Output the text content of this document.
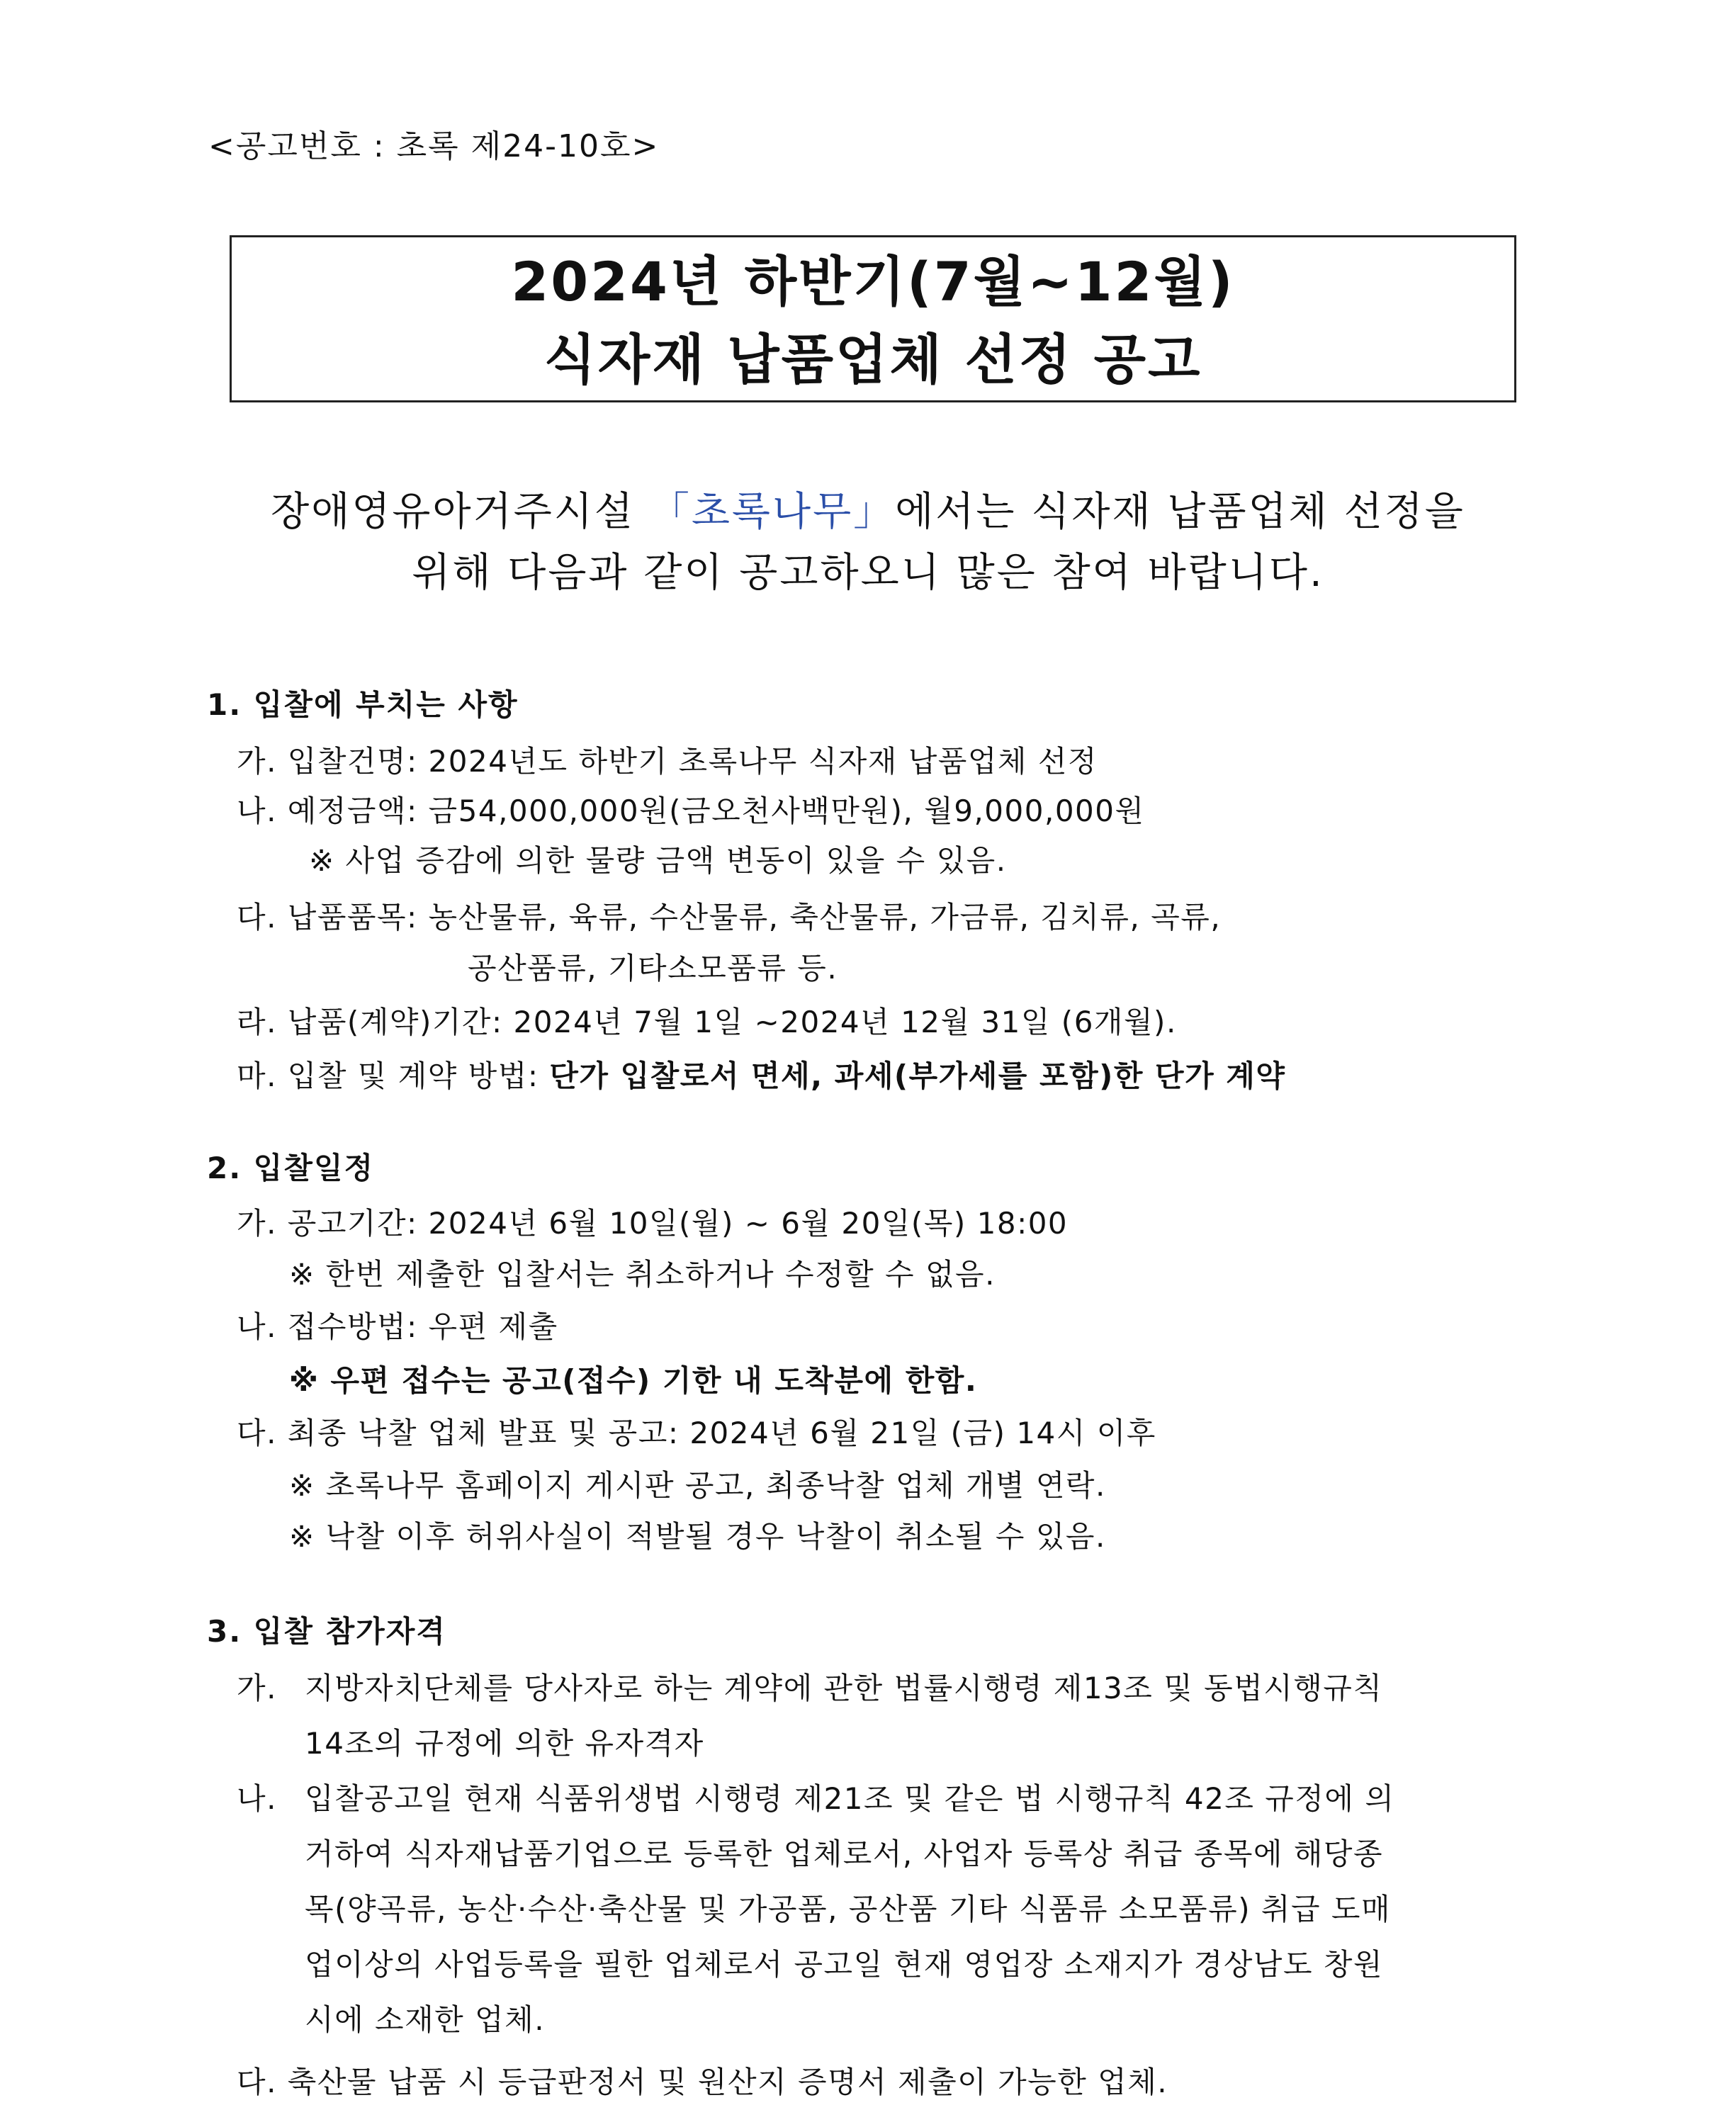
<공고번호 : 초록 제24-10호>
2024년 하반기(7월~12월)
식자재 납품업체 선정 공고
장애영유아거주시설 「초록나무」에서는 식자재 납품업체 선정을
위해 다음과 같이 공고하오니 많은 참여 바랍니다.
1. 입찰에 부치는 사항
가. 입찰건명: 2024년도 하반기 초록나무 식자재 납품업체 선정
나. 예정금액: 금54,000,000원(금오천사백만원), 월9,000,000원
※ 사업 증감에 의한 물량 금액 변동이 있을 수 있음.
다. 납품품목: 농산물류, 육류, 수산물류, 축산물류, 가금류, 김치류, 곡류,
공산품류, 기타소모품류 등.
라. 납품(계약)기간: 2024년 7월 1일 ~2024년 12월 31일 (6개월).
마. 입찰 및 계약 방법: 단가 입찰로서 면세, 과세(부가세를 포함)한 단가 계약
2. 입찰일정
가. 공고기간: 2024년 6월 10일(월) ~ 6월 20일(목) 18:00
※ 한번 제출한 입찰서는 취소하거나 수정할 수 없음.
나. 접수방법: 우편 제출
※ 우편 접수는 공고(접수) 기한 내 도착분에 한함.
다. 최종 낙찰 업체 발표 및 공고: 2024년 6월 21일 (금) 14시 이후
※ 초록나무 홈페이지 게시판 공고, 최종낙찰 업체 개별 연락.
※ 낙찰 이후 허위사실이 적발될 경우 낙찰이 취소될 수 있음.
3. 입찰 참가자격
가. 지방자치단체를 당사자로 하는 계약에 관한 법률시행령 제13조 및 동법시행규칙
14조의 규정에 의한 유자격자
나. 입찰공고일 현재 식품위생법 시행령 제21조 및 같은 법 시행규칙 42조 규정에 의
거하여 식자재납품기업으로 등록한 업체로서, 사업자 등록상 취급 종목에 해당종
목(양곡류, 농산·수산·축산물 및 가공품, 공산품 기타 식품류 소모품류) 취급 도매
업이상의 사업등록을 필한 업체로서 공고일 현재 영업장 소재지가 경상남도 창원
시에 소재한 업체.
다. 축산물 납품 시 등급판정서 및 원산지 증명서 제출이 가능한 업체.
